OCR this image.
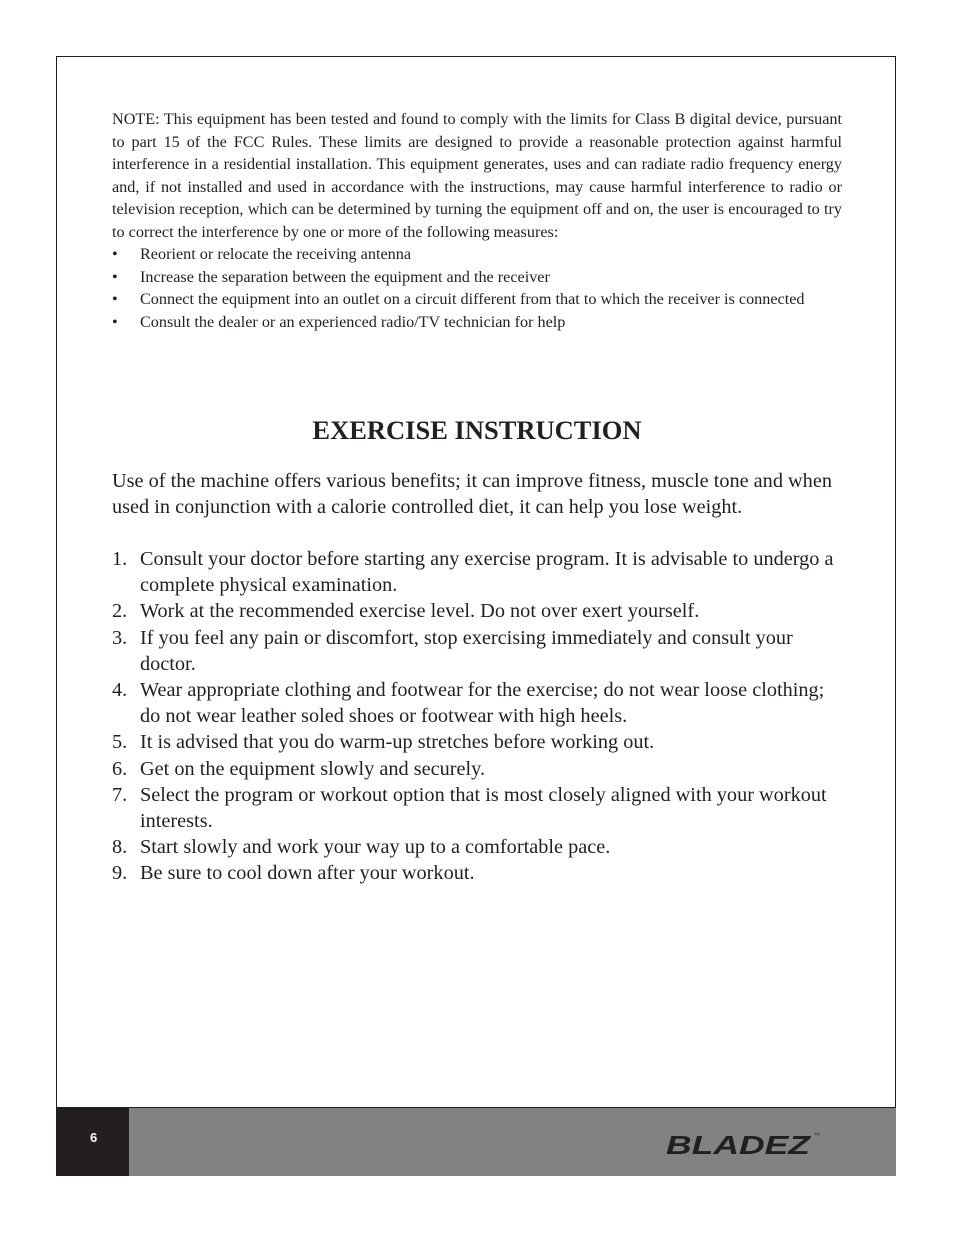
NOTE: This equipment has been tested and found to comply with the limits for Class B digital device, pursuant to part 15 of the FCC Rules. These limits are designed to provide a reasonable protection against harmful interference in a residential installation. This equipment generates, uses and can radiate radio frequency energy and, if not installed and used in accordance with the instructions, may cause harmful interference to radio or television reception, which can be determined by turning the equipment off and on, the user is encouraged to try to correct the interference by one or more of the following measures:

• Reorient or relocate the receiving antenna
• Increase the separation between the equipment and the receiver
• Connect the equipment into an outlet on a circuit different from that to which the receiver is connected
• Consult the dealer or an experienced radio/TV technician for help
EXERCISE INSTRUCTION

Use of the machine offers various benefits; it can improve fitness, muscle tone and when used in conjunction with a calorie controlled diet, it can help you lose weight.

1. Consult your doctor before starting any exercise program. It is advisable to undergo a complete physical examination.
2. Work at the recommended exercise level. Do not over exert yourself.
3. If you feel any pain or discomfort, stop exercising immediately and consult your doctor.
4. Wear appropriate clothing and footwear for the exercise; do not wear loose clothing; do not wear leather soled shoes or footwear with high heels.
5. It is advised that you do warm-up stretches before working out.
6. Get on the equipment slowly and securely.
7. Select the program or workout option that is most closely aligned with your workout interests.
8. Start slowly and work your way up to a comfortable pace.
9. Be sure to cool down after your workout.
6	BLADEZ ™
